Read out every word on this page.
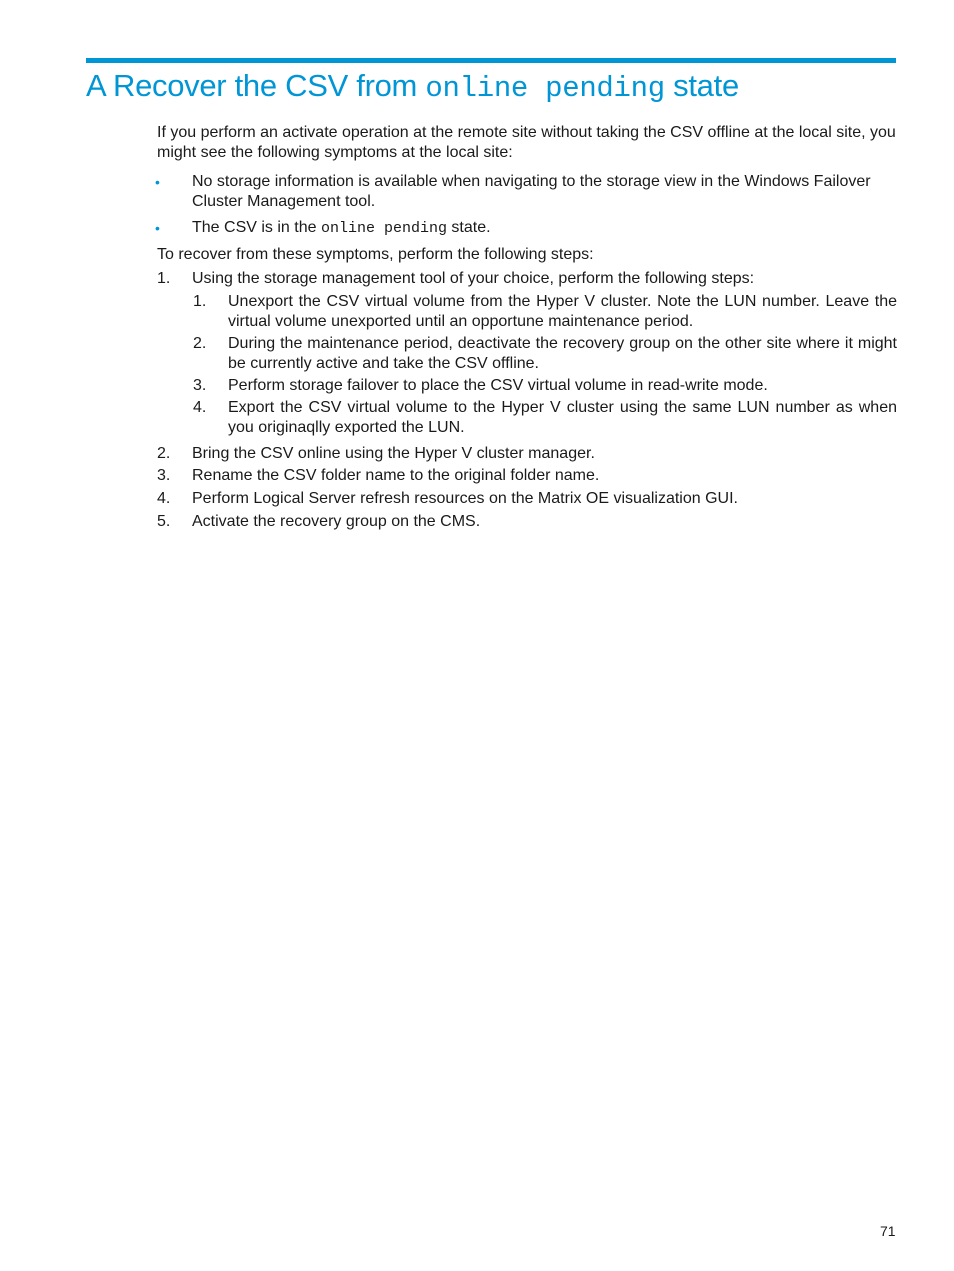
A Recover the CSV from online pending state

If you perform an activate operation at the remote site without taking the CSV offline at the local site, you might see the following symptoms at the local site:

• No storage information is available when navigating to the storage view in the Windows Failover Cluster Management tool.
• The CSV is in the online pending state.

To recover from these symptoms, perform the following steps:

1. Using the storage management tool of your choice, perform the following steps:
1. Unexport the CSV virtual volume from the Hyper V cluster. Note the LUN number. Leave the virtual volume unexported until an opportune maintenance period.
2. During the maintenance period, deactivate the recovery group on the other site where it might be currently active and take the CSV offline.
3. Perform storage failover to place the CSV virtual volume in read-write mode.
4. Export the CSV virtual volume to the Hyper V cluster using the same LUN number as when you originaqlly exported the LUN.
2. Bring the CSV online using the Hyper V cluster manager.
3. Rename the CSV folder name to the original folder name.
4. Perform Logical Server refresh resources on the Matrix OE visualization GUI.
5. Activate the recovery group on the CMS.
71
